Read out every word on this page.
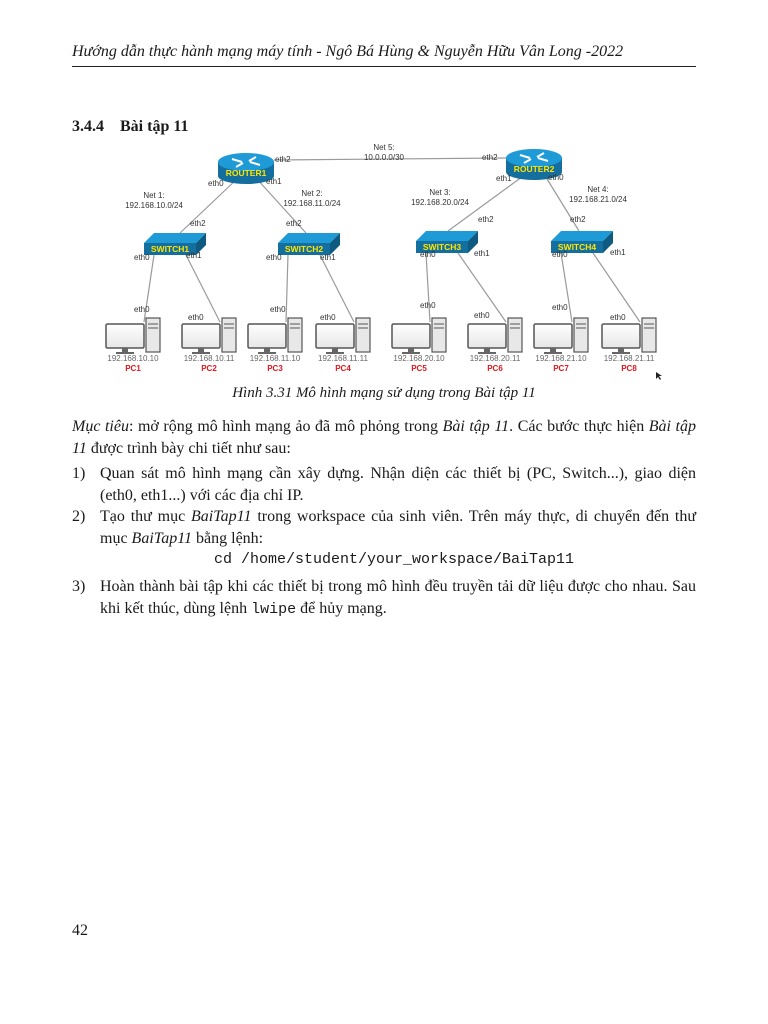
Hướng dẫn thực hành mạng máy tính - Ngô Bá Hùng & Nguyễn Hữu Vân Long -2022
3.4.4 Bài tập 11
ROUTER1	ROUTER2
SWITCH1	SWITCH2	SWITCH3	SWITCH4
192.168.10.10
PC1
192.168.10.11
PC2
192.168.11.10
PC3
192.168.11.11
PC4
192.168.20.10
PC5
192.168.20.11
PC6
192.168.21.10
PC7
192.168.21.11
PC8
eth2
eth0	eth1
eth2
eth1	eth0
eth2	eth2	eth2	eth2
eth0	eth1	eth0	eth1	eth0	eth1	eth0	eth1
eth0
eth0
eth0
eth0
eth0
eth0
eth0
eth0
Net 1:
192.168.10.0/24
Net 2:
192.168.11.0/24
Net 3:
192.168.20.0/24
Net 4:
192.168.21.0/24
Net 5:
10.0.0.0/30
Hình 3.31 Mô hình mạng sử dụng trong Bài tập 11
Mục tiêu: mở rộng mô hình mạng ảo đã mô phỏng trong Bài tập 11. Các bước thực hiện Bài tập 11 được trình bày chi tiết như sau:
1) Quan sát mô hình mạng cần xây dựng. Nhận diện các thiết bị (PC, Switch...), giao diện (eth0, eth1...) với các địa chỉ IP.
2) Tạo thư mục BaiTap11 trong workspace của sinh viên. Trên máy thực, di chuyển đến thư mục BaiTap11 bằng lệnh:
cd /home/student/your_workspace/BaiTap11
3) Hoàn thành bài tập khi các thiết bị trong mô hình đều truyền tải dữ liệu được cho nhau. Sau khi kết thúc, dùng lệnh lwipe để hủy mạng.
42
